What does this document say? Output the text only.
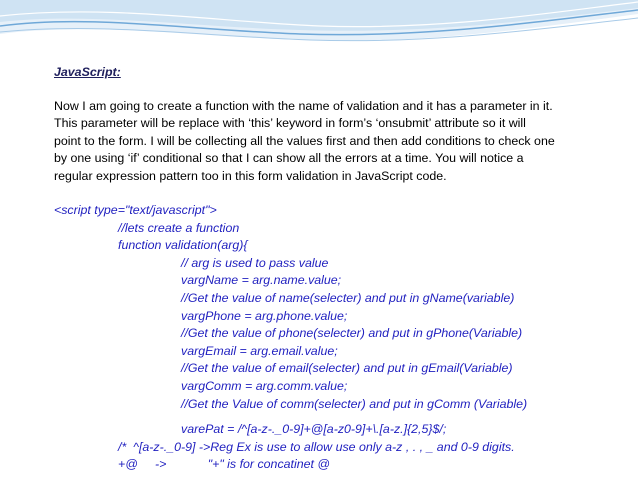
JavaScript:
Now I am going to create a function with the name of validation and it has a parameter in it.
This parameter will be replace with ‘this’ keyword in form’s ‘onsubmit’ attribute so it will
point to the form. I will be collecting all the values first and then add conditions to check one
by one using ‘if’ conditional so that I can show all the errors at a time. You will notice a
regular expression pattern too in this form validation in JavaScript code.
<script type="text/javascript">
//lets create a function
function validation(arg){
// arg is used to pass value
vargName = arg.name.value;
//Get the value of name(selecter) and put in gName(variable)
vargPhone = arg.phone.value;
//Get the value of phone(selecter) and put in gPhone(Variable)
vargEmail = arg.email.value;
//Get the value of email(selecter) and put in gEmail(Variable)
vargComm = arg.comm.value;
//Get the Value of comm(selecter) and put in gComm (Variable)
varePat = /^[a-z-._0-9]+@[a-z0-9]+\.[a-z.]{2,5}$/;
/*  ^[a-z-._0-9] ->Reg Ex is use to allow use only a-z , . , _ and 0-9 digits.
+@     ->            "+" is for concatinet @
